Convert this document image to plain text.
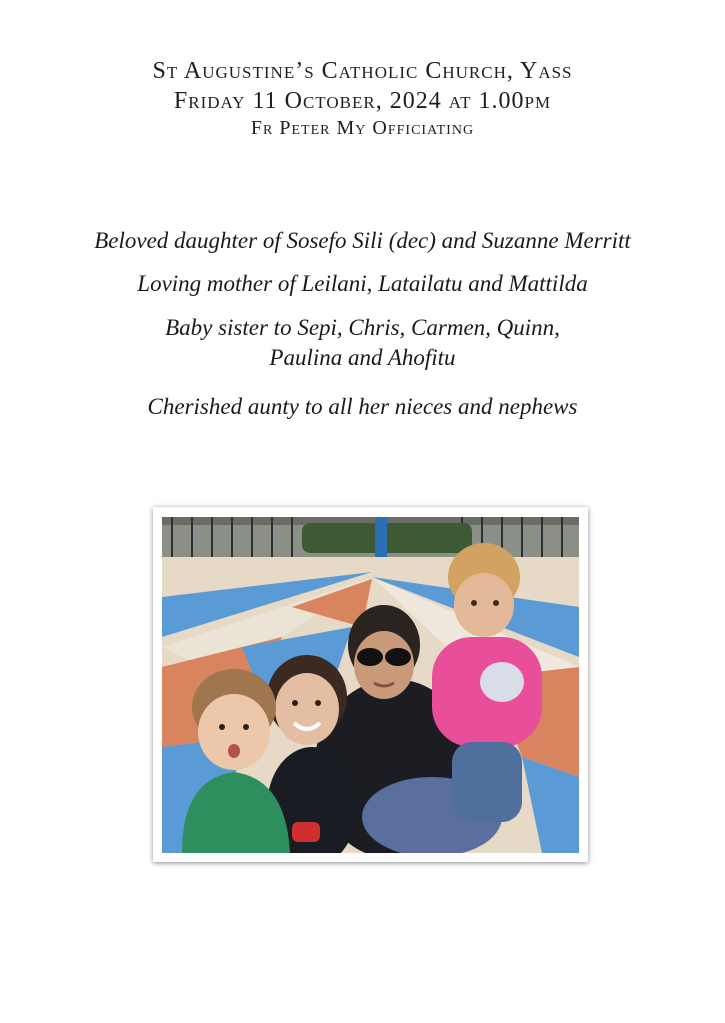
St Augustine’s Catholic Church, Yass
Friday 11 October, 2024 at 1.00pm
Fr Peter My Officiating

Beloved daughter of Sosefo Sili (dec) and Suzanne Merritt

Loving mother of Leilani, Latailatu and Mattilda

Baby sister to Sepi, Chris, Carmen, Quinn,
Paulina and Ahofitu

Cherished aunty to all her nieces and nephews
